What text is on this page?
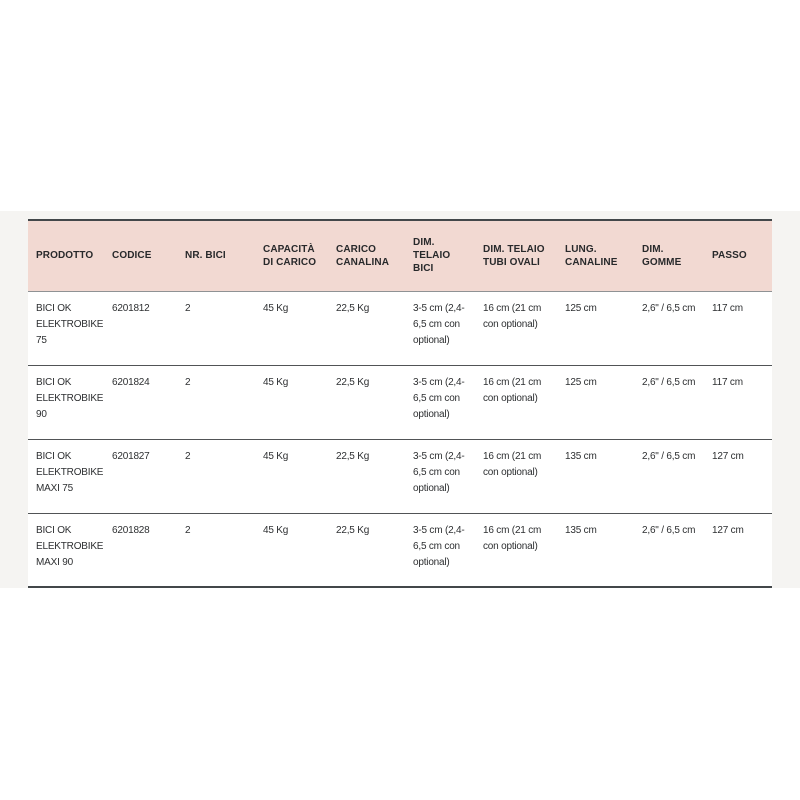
PRODOTTO	CODICE	NR. BICI	CAPACITÀ DI CARICO	CARICO CANALINA	DIM. TELAIO BICI	DIM. TELAIO TUBI OVALI	LUNG. CANALINE	DIM. GOMME	PASSO
BICI OK ELEKTROBIKE 75	6201812	2	45 Kg	22,5 Kg	3-5 cm (2,4-6,5 cm con optional)	16 cm (21 cm con optional)	125 cm	2,6" / 6,5 cm	117 cm
BICI OK ELEKTROBIKE 90	6201824	2	45 Kg	22,5 Kg	3-5 cm (2,4-6,5 cm con optional)	16 cm (21 cm con optional)	125 cm	2,6" / 6,5 cm	117 cm
BICI OK ELEKTROBIKE MAXI 75	6201827	2	45 Kg	22,5 Kg	3-5 cm (2,4-6,5 cm con optional)	16 cm (21 cm con optional)	135 cm	2,6" / 6,5 cm	127 cm
BICI OK ELEKTROBIKE MAXI 90	6201828	2	45 Kg	22,5 Kg	3-5 cm (2,4-6,5 cm con optional)	16 cm (21 cm con optional)	135 cm	2,6" / 6,5 cm	127 cm
